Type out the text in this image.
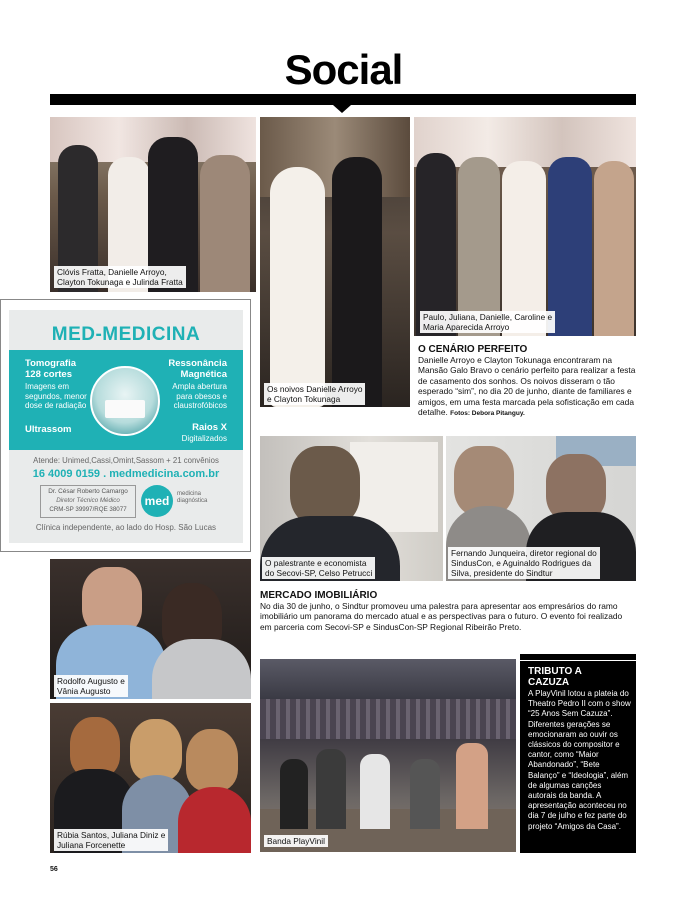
Social
Clóvis Fratta, Danielle Arroyo,
Clayton Tokunaga e Julinda Fratta
Os noivos Danielle Arroyo
e Clayton Tokunaga
Paulo, Juliana, Danielle, Caroline e
Maria Aparecida Arroyo
O CENÁRIO PERFEITO
Danielle Arroyo e Clayton Tokunaga encontraram na Mansão Galo Bravo o cenário perfeito para realizar a festa de casamento dos sonhos. Os noivos disseram o tão esperado “sim”, no dia 20 de junho, diante de familiares e amigos, em uma festa marcada pela sofisticação em cada detalhe. Fotos: Debora Pitanguy.
MED-MEDICINA
Tomografia
128 cortes
Imagens em
segundos, menor
dose de radiação
Ressonância
Magnética
Ampla abertura
para obesos e
claustrofóbicos
Ultrassom	Raios X
Digitalizados
Atende: Unimed,Cassi,Omint,Sassom + 21 convênios
16 4009 0159 . medmedicina.com.br
Dr. César Roberto Camargo
Diretor Técnico Médico
CRM-SP 39997/RQE 38077
med	medicina
diagnóstica
Clínica independente, ao lado do Hosp. São Lucas
O palestrante e economista
do Secovi-SP, Celso Petrucci
Fernando Junqueira, diretor regional do
SindusCon, e Aguinaldo Rodrigues da
Silva, presidente do Sindtur
MERCADO IMOBILIÁRIO
No dia 30 de junho, o Sindtur promoveu uma palestra para apresentar aos empresários do ramo imobiliário um panorama do mercado atual e as perspectivas para o futuro. O evento foi realizado em parceria com Secovi-SP e SindusCon-SP Regional Ribeirão Preto.
Rodolfo Augusto e
Vânia Augusto
Rúbia Santos, Juliana Diniz e
Juliana Forcenette	Banda PlayVinil
TRIBUTO A
CAZUZA
A PlayVinil lotou a plateia do Theatro Pedro II com o show “25 Anos Sem Cazuza”. Diferentes gerações se emocionaram ao ouvir os clássicos do compositor e cantor, como “Maior Abandonado”, “Bete Balanço” e “Ideologia”, além de algumas canções autorais da banda. A apresentação aconteceu no dia 7 de julho e fez parte do projeto “Amigos da Casa”.
56
